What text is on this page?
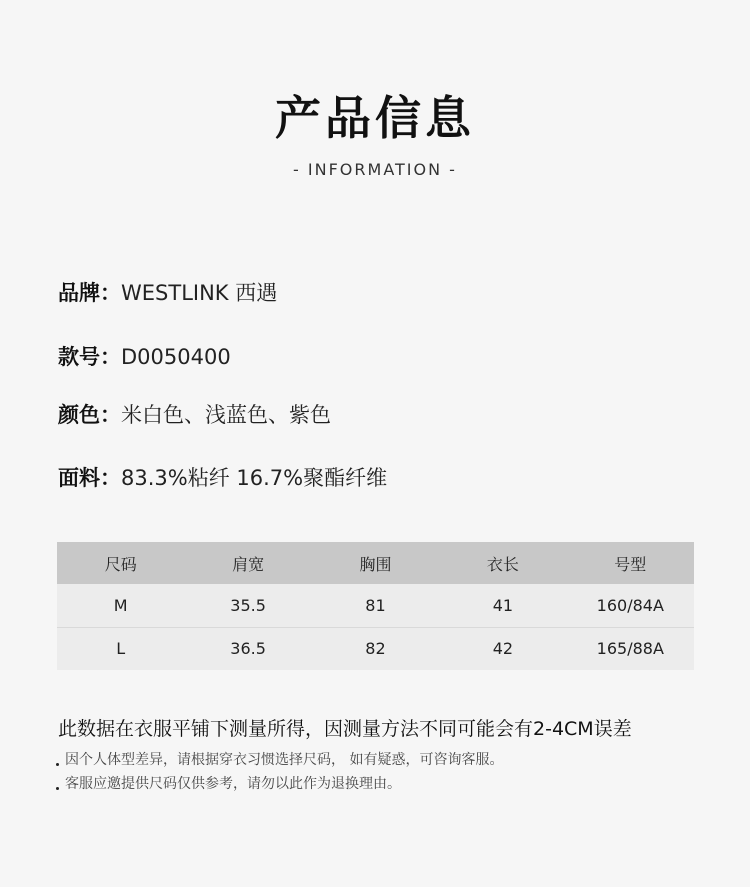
产品信息
- INFORMATION -
品牌：WESTLINK 西遇
款号：D0050400
颜色：米白色、浅蓝色、紫色
面料：83.3%粘纤 16.7%聚酯纤维
尺码	肩宽	胸围	衣长	号型
M	35.5	81	41	160/84A
L	36.5	82	42	165/88A
此数据在衣服平铺下测量所得，因测量方法不同可能会有2-4CM误差
因个人体型差异，请根据穿衣习惯选择尺码， 如有疑惑，可咨询客服。
客服应邀提供尺码仅供参考，请勿以此作为退换理由。
